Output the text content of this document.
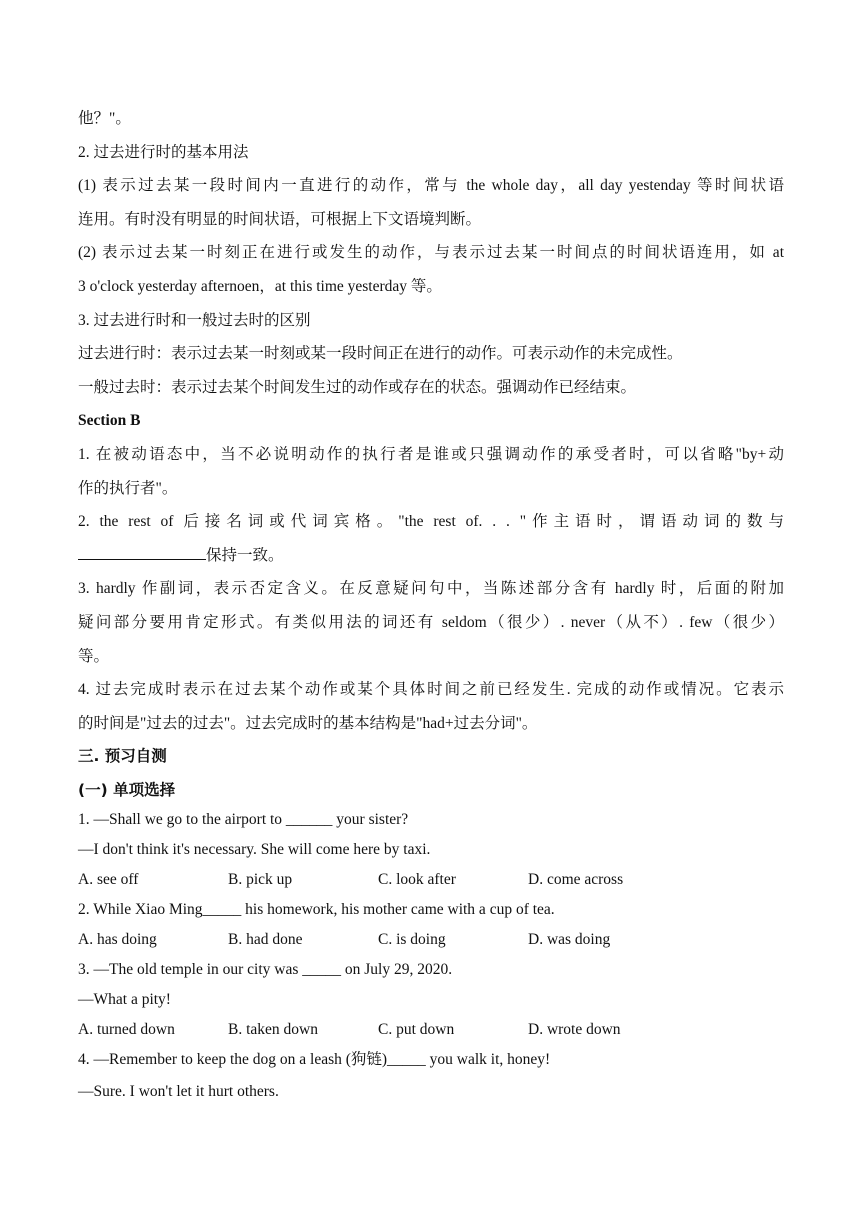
他？"。
2. 过去进行时的基本用法
(1) 表示过去某一段时间内一直进行的动作，常与 the whole day，all day yestenday 等时间状语
连用。有时没有明显的时间状语，可根据上下文语境判断。
(2) 表示过去某一时刻正在进行或发生的动作，与表示过去某一时间点的时间状语连用，如 at
3 o'clock yesterday afternoen，at this time yesterday 等。
3. 过去进行时和一般过去时的区别
过去进行时：表示过去某一时刻或某一段时间正在进行的动作。可表示动作的未完成性。
一般过去时：表示过去某个时间发生过的动作或存在的状态。强调动作已经结束。
Section B
1. 在被动语态中，当不必说明动作的执行者是谁或只强调动作的承受者时，可以省略"by+动
作的执行者"。
2. the rest of 后接名词或代词宾格。"the rest of. . . "作主语时，谓语动词的数与
保持一致。
3. hardly 作副词，表示否定含义。在反意疑问句中，当陈述部分含有 hardly 时，后面的附加
疑问部分要用肯定形式。有类似用法的词还有 seldom（很少）. never（从不）. few（很少）
等。
4. 过去完成时表示在过去某个动作或某个具体时间之前已经发生. 完成的动作或情况。它表示
的时间是"过去的过去"。过去完成时的基本结构是"had+过去分词"。
三. 预习自测
(一) 单项选择
1. —Shall we go to the airport to ______ your sister?
—I don't think it's necessary. She will come here by taxi.
A. see off	B. pick up	C. look after	D. come across
2. While Xiao Ming_____ his homework, his mother came with a cup of tea.
A. has doing	B. had done	C. is doing	D. was doing
3. —The old temple in our city was _____ on July 29, 2020.
—What a pity!
A. turned down	B. taken down	C. put down	D. wrote down
4. —Remember to keep the dog on a leash (狗链)_____ you walk it, honey!
—Sure. I won't let it hurt others.
